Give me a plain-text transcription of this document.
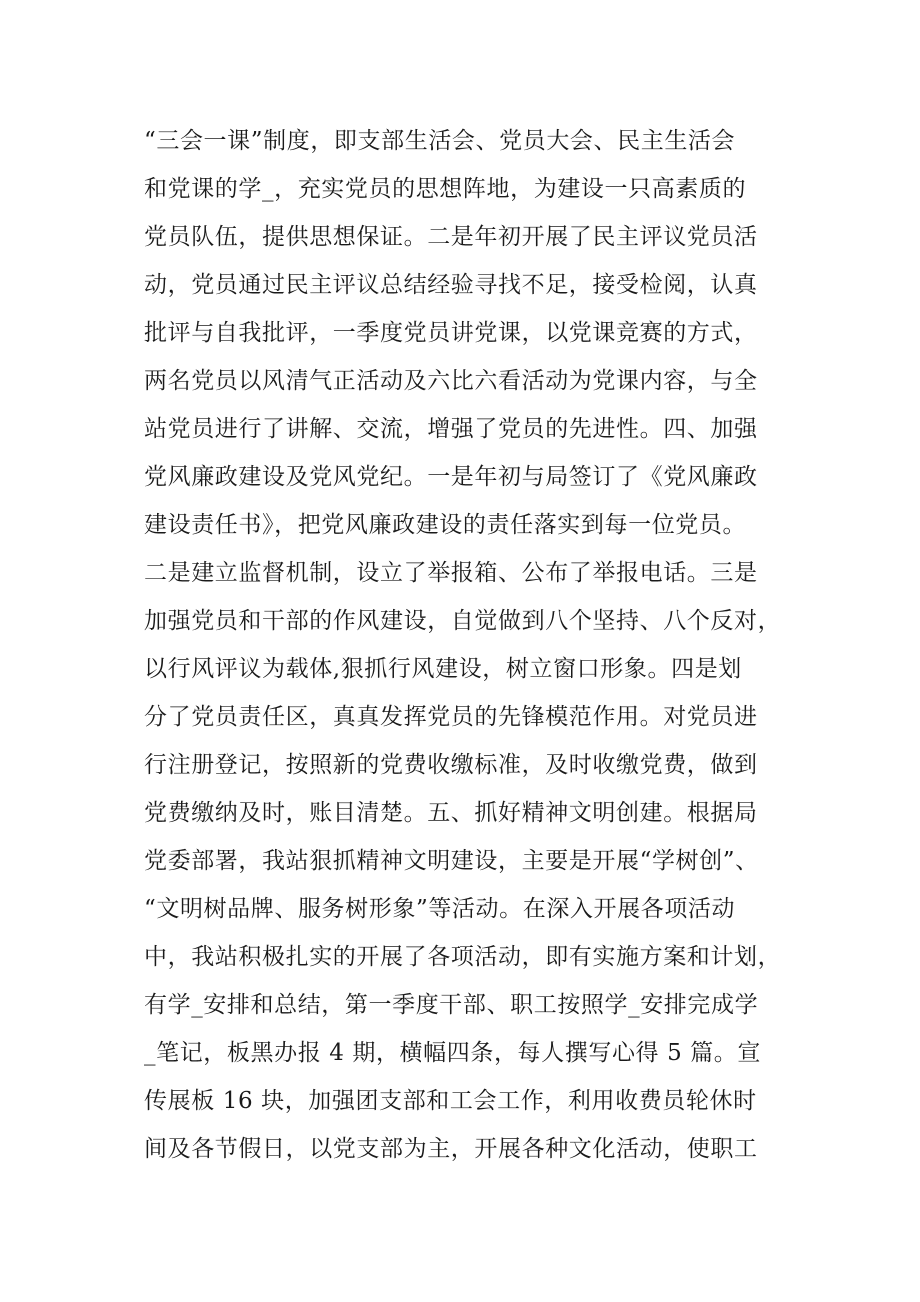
“三会一课”制度，即支部生活会、党员大会、民主生活会
和党课的学_，充实党员的思想阵地，为建设一只高素质的
党员队伍，提供思想保证。二是年初开展了民主评议党员活
动，党员通过民主评议总结经验寻找不足，接受检阅，认真
批评与自我批评，一季度党员讲党课，以党课竞赛的方式，
两名党员以风清气正活动及六比六看活动为党课内容，与全
站党员进行了讲解、交流，增强了党员的先进性。四、加强
党风廉政建设及党风党纪。一是年初与局签订了《党风廉政
建设责任书》，把党风廉政建设的责任落实到每一位党员。
二是建立监督机制，设立了举报箱、公布了举报电话。三是
加强党员和干部的作风建设，自觉做到八个坚持、八个反对，
以行风评议为载体,狠抓行风建设，树立窗口形象。四是划
分了党员责任区，真真发挥党员的先锋模范作用。对党员进
行注册登记，按照新的党费收缴标准，及时收缴党费，做到
党费缴纳及时，账目清楚。五、抓好精神文明创建。根据局
党委部署，我站狠抓精神文明建设，主要是开展“学树创”、
“文明树品牌、服务树形象”等活动。在深入开展各项活动
中，我站积极扎实的开展了各项活动，即有实施方案和计划，
有学_安排和总结，第一季度干部、职工按照学_安排完成学
_笔记，板黑办报 4 期，横幅四条，每人撰写心得 5 篇。宣
传展板 16 块，加强团支部和工会工作，利用收费员轮休时
间及各节假日，以党支部为主，开展各种文化活动，使职工
